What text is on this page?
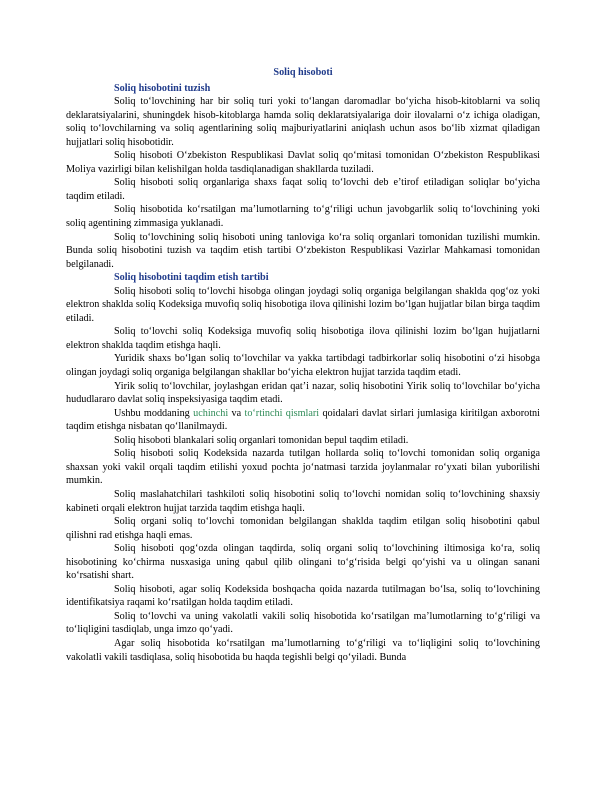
Soliq hisoboti

Soliq hisobotini tuzish

Soliq to‘lovchining har bir soliq turi yoki to‘langan daromadlar bo‘yicha hisob-kitoblarni va soliq deklaratsiyalarini, shuningdek hisob-kitoblarga hamda soliq deklaratsiyalariga doir ilovalarni o‘z ichiga oladigan, soliq to‘lovchilarning va soliq agentlarining soliq majburiyatlarini aniqlash uchun asos bo‘lib xizmat qiladigan hujjatlari soliq hisobotidir.

Soliq hisoboti O‘zbekiston Respublikasi Davlat soliq qo‘mitasi tomonidan O‘zbekiston Respublikasi Moliya vazirligi bilan kelishilgan holda tasdiqlanadigan shakllarda tuziladi.

Soliq hisoboti soliq organlariga shaxs faqat soliq to‘lovchi deb e’tirof etiladigan soliqlar bo‘yicha taqdim etiladi.

Soliq hisobotida ko‘rsatilgan ma’lumotlarning to‘g‘riligi uchun javobgarlik soliq to‘lovchining yoki soliq agentining zimmasiga yuklanadi.

Soliq to‘lovchining soliq hisoboti uning tanloviga ko‘ra soliq organlari tomonidan tuzilishi mumkin. Bunda soliq hisobotini tuzish va taqdim etish tartibi O‘zbekiston Respublikasi Vazirlar Mahkamasi tomonidan belgilanadi.

Soliq hisobotini taqdim etish tartibi

Soliq hisoboti soliq to‘lovchi hisobga olingan joydagi soliq organiga belgilangan shaklda qog‘oz yoki elektron shaklda soliq Kodeksiga muvofiq soliq hisobotiga ilova qilinishi lozim bo‘lgan hujjatlar bilan birga taqdim etiladi.

Soliq to‘lovchi soliq Kodeksiga muvofiq soliq hisobotiga ilova qilinishi lozim bo‘lgan hujjatlarni elektron shaklda taqdim etishga haqli.

Yuridik shaxs bo‘lgan soliq to‘lovchilar va yakka tartibdagi tadbirkorlar soliq hisobotini o‘zi hisobga olingan joydagi soliq organiga belgilangan shakllar bo‘yicha elektron hujjat tarzida taqdim etadi.

Yirik soliq to‘lovchilar, joylashgan eridan qat’i nazar, soliq hisobotini Yirik soliq to‘lovchilar bo‘yicha hududlararo davlat soliq inspeksiyasiga taqdim etadi.

Ushbu moddaning uchinchi va to‘rtinchi qismlari qoidalari davlat sirlari jumlasiga kiritilgan axborotni taqdim etishga nisbatan qo‘llanilmaydi.

Soliq hisoboti blankalari soliq organlari tomonidan bepul taqdim etiladi.

Soliq hisoboti soliq Kodeksida nazarda tutilgan hollarda soliq to‘lovchi tomonidan soliq organiga shaxsan yoki vakil orqali taqdim etilishi yoxud pochta jo‘natmasi tarzida joylanmalar ro‘yxati bilan yuborilishi mumkin.

Soliq maslahatchilari tashkiloti soliq hisobotini soliq to‘lovchi nomidan soliq to‘lovchining shaxsiy kabineti orqali elektron hujjat tarzida taqdim etishga haqli.

Soliq organi soliq to‘lovchi tomonidan belgilangan shaklda taqdim etilgan soliq hisobotini qabul qilishni rad etishga haqli emas.

Soliq hisoboti qog‘ozda olingan taqdirda, soliq organi soliq to‘lovchining iltimosiga ko‘ra, soliq hisobotining ko‘chirma nusxasiga uning qabul qilib olingani to‘g‘risida belgi qo‘yishi va u olingan sanani ko‘rsatishi shart.

Soliq hisoboti, agar soliq Kodeksida boshqacha qoida nazarda tutilmagan bo‘lsa, soliq to‘lovchining identifikatsiya raqami ko‘rsatilgan holda taqdim etiladi.

Soliq to‘lovchi va uning vakolatli vakili soliq hisobotida ko‘rsatilgan ma’lumotlarning to‘g‘riligi va to‘liqligini tasdiqlab, unga imzo qo‘yadi.

Agar soliq hisobotida ko‘rsatilgan ma’lumotlarning to‘g‘riligi va to‘liqligini soliq to‘lovchining vakolatli vakili tasdiqlasa, soliq hisobotida bu haqda tegishli belgi qo‘yiladi. Bunda
